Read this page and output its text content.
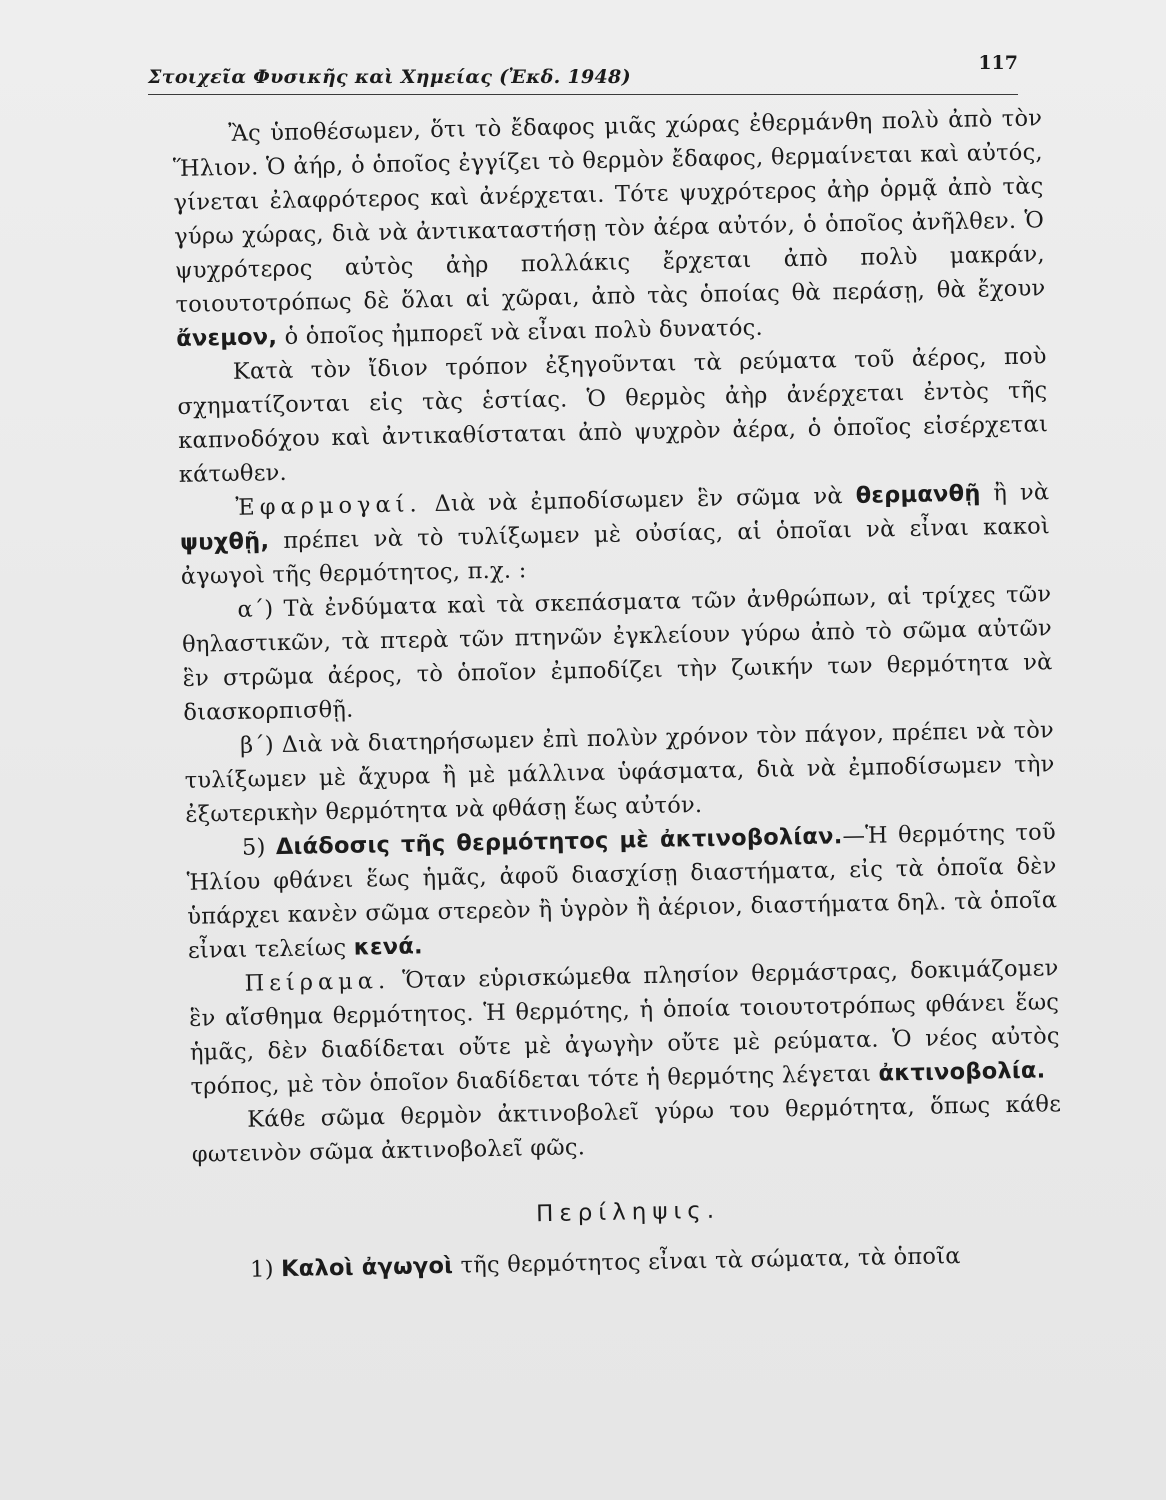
Στοιχεῖα Φυσικῆς καὶ Χημείας (Ἐκδ. 1948)
117

Ἂς ὑποθέσωμεν, ὅτι τὸ ἔδαφος μιᾶς χώρας ἐθερμάνθη πολὺ ἀπὸ τὸν Ἥλιον. Ὁ ἀήρ, ὁ ὁποῖος ἐγγίζει τὸ θερμὸν ἔδαφος, θερμαίνεται καὶ αὐτός, γίνεται ἐλαφρότερος καὶ ἀνέρχεται. Τότε ψυχρότερος ἀὴρ ὁρμᾷ ἀπὸ τὰς γύρω χώρας, διὰ νὰ ἀντικαταστήσῃ τὸν ἀέρα αὐτόν, ὁ ὁποῖος ἀνῆλθεν. Ὁ ψυχρότερος αὐτὸς ἀὴρ πολλάκις ἔρχεται ἀπὸ πολὺ μακράν, τοιουτοτρόπως δὲ ὅλαι αἱ χῶραι, ἀπὸ τὰς ὁποίας θὰ περάσῃ, θὰ ἔχουν ἄνεμον, ὁ ὁποῖος ἠμπορεῖ νὰ εἶναι πολὺ δυνατός.

Κατὰ τὸν ἴδιον τρόπον ἐξηγοῦνται τὰ ρεύματα τοῦ ἀέρος, ποὺ σχηματίζονται εἰς τὰς ἑστίας. Ὁ θερμὸς ἀὴρ ἀνέρχεται ἐντὸς τῆς καπνοδόχου καὶ ἀντικαθίσταται ἀπὸ ψυχρὸν ἀέρα, ὁ ὁποῖος εἰσέρχεται κάτωθεν.

Ἐφαρμογαί. Διὰ νὰ ἐμποδίσωμεν ἓν σῶμα νὰ θερμανθῇ ἢ νὰ ψυχθῇ, πρέπει νὰ τὸ τυλίξωμεν μὲ οὐσίας, αἱ ὁποῖαι νὰ εἶναι κακοὶ ἀγωγοὶ τῆς θερμότητος, π.χ. :

α΄) Τὰ ἐνδύματα καὶ τὰ σκεπάσματα τῶν ἀνθρώπων, αἱ τρίχες τῶν θηλαστικῶν, τὰ πτερὰ τῶν πτηνῶν ἐγκλείουν γύρω ἀπὸ τὸ σῶμα αὐτῶν ἓν στρῶμα ἀέρος, τὸ ὁποῖον ἐμποδίζει τὴν ζωικήν των θερμότητα νὰ διασκορπισθῇ.

β΄) Διὰ νὰ διατηρήσωμεν ἐπὶ πολὺν χρόνον τὸν πάγον, πρέπει νὰ τὸν τυλίξωμεν μὲ ἄχυρα ἢ μὲ μάλλινα ὑφάσματα, διὰ νὰ ἐμποδίσωμεν τὴν ἐξωτερικὴν θερμότητα νὰ φθάσῃ ἕως αὐτόν.

5) Διάδοσις τῆς θερμότητος μὲ ἀκτινοβολίαν.—Ἡ θερμότης τοῦ Ἡλίου φθάνει ἕως ἡμᾶς, ἀφοῦ διασχίσῃ διαστήματα, εἰς τὰ ὁποῖα δὲν ὑπάρχει κανὲν σῶμα στερεὸν ἢ ὑγρὸν ἢ ἀέριον, διαστήματα δηλ. τὰ ὁποῖα εἶναι τελείως κενά.

Πείραμα. Ὅταν εὑρισκώμεθα πλησίον θερμάστρας, δοκιμάζομεν ἓν αἴσθημα θερμότητος. Ἡ θερμότης, ἡ ὁποία τοιουτοτρόπως φθάνει ἕως ἡμᾶς, δὲν διαδίδεται οὔτε μὲ ἀγωγὴν οὔτε μὲ ρεύματα. Ὁ νέος αὐτὸς τρόπος, μὲ τὸν ὁποῖον διαδίδεται τότε ἡ θερμότης λέγεται ἀκτινοβολία.

Κάθε σῶμα θερμὸν ἀκτινοβολεῖ γύρω του θερμότητα, ὅπως κάθε φωτεινὸν σῶμα ἀκτινοβολεῖ φῶς.

Περίληψις.

1) Καλοὶ ἀγωγοὶ τῆς θερμότητος εἶναι τὰ σώματα, τὰ ὁποῖα
